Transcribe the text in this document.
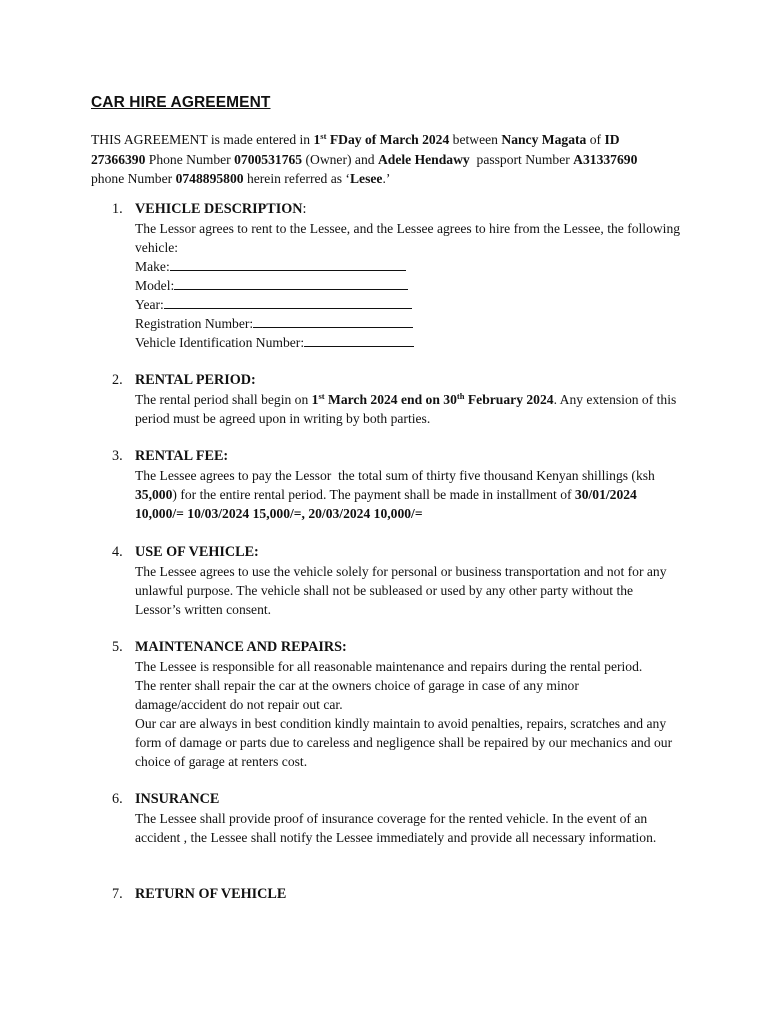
CAR HIRE AGREEMENT

THIS AGREEMENT is made entered in 1st FDay of March 2024 between Nancy Magata of ID
27366390 Phone Number 0700531765 (Owner) and Adele Hendawy  passport Number A31337690
phone Number 0748895800 herein referred as ‘Lesee.’

1. VEHICLE DESCRIPTION:

The Lessor agrees to rent to the Lessee, and the Lessee agrees to hire from the Lessee, the following vehicle:

Make:

Model:

Year:

Registration Number:

Vehicle Identification Number:

2. RENTAL PERIOD:

The rental period shall begin on 1st March 2024 end on 30th February 2024. Any extension of this period must be agreed upon in writing by both parties.

3. RENTAL FEE:

The Lessee agrees to pay the Lessor  the total sum of thirty five thousand Kenyan shillings (ksh 35,000) for the entire rental period. The payment shall be made in installment of 30/01/2024 10,000/= 10/03/2024 15,000/=, 20/03/2024 10,000/=

4. USE OF VEHICLE:

The Lessee agrees to use the vehicle solely for personal or business transportation and not for any unlawful purpose. The vehicle shall not be subleased or used by any other party without the Lessor’s written consent.

5. MAINTENANCE AND REPAIRS:

The Lessee is responsible for all reasonable maintenance and repairs during the rental period.

The renter shall repair the car at the owners choice of garage in case of any minor damage/accident do not repair out car.

Our car are always in best condition kindly maintain to avoid penalties, repairs, scratches and any form of damage or parts due to careless and negligence shall be repaired by our mechanics and our choice of garage at renters cost.

6. INSURANCE

The Lessee shall provide proof of insurance coverage for the rented vehicle. In the event of an accident , the Lessee shall notify the Lessee immediately and provide all necessary information.

7. RETURN OF VEHICLE
